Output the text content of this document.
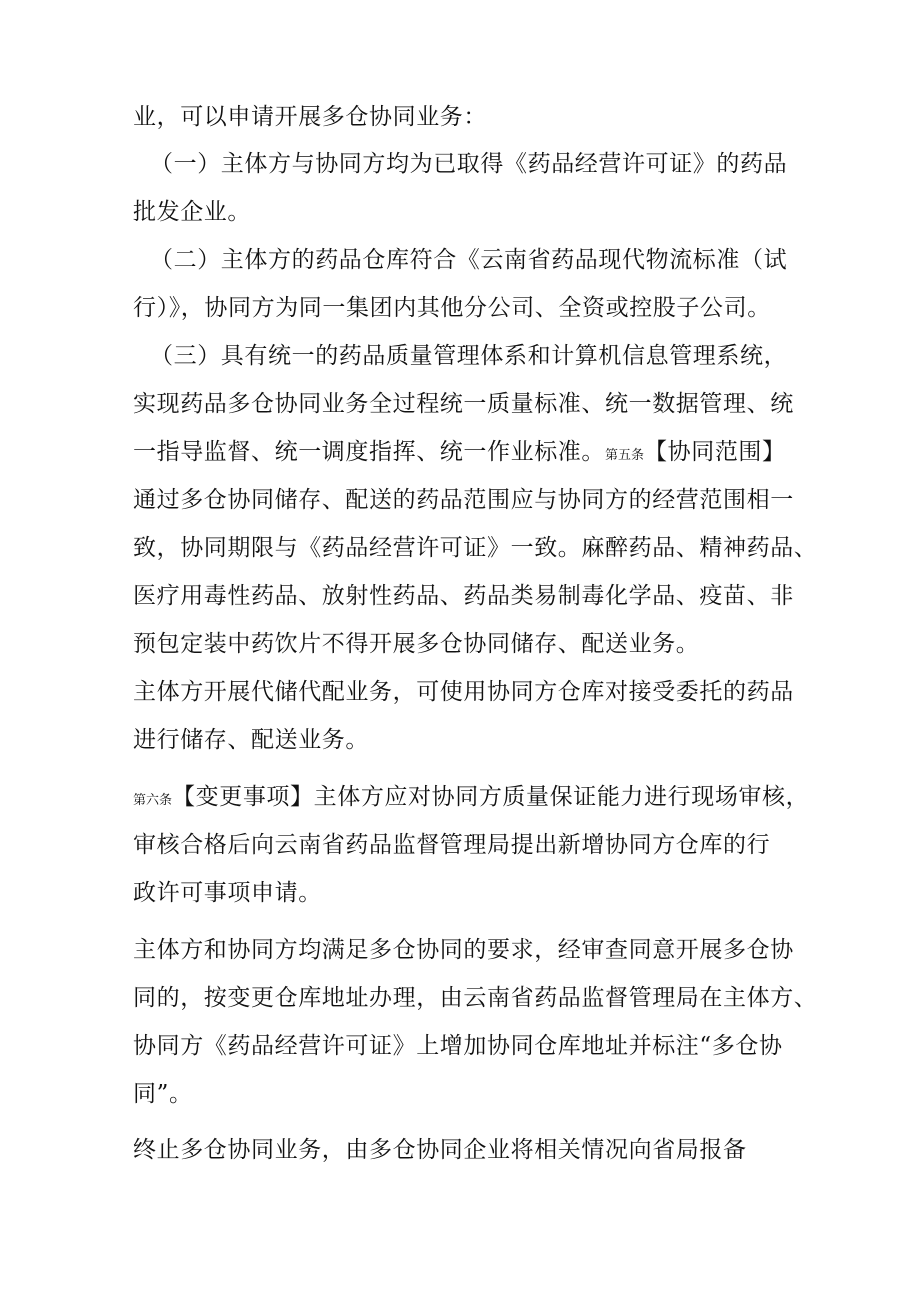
业，可以申请开展多仓协同业务：
（一）主体方与协同方均为已取得《药品经营许可证》的药品
批发企业。
（二）主体方的药品仓库符合《云南省药品现代物流标准（试
行）》，协同方为同一集团内其他分公司、全资或控股子公司。
（三）具有统一的药品质量管理体系和计算机信息管理系统，
实现药品多仓协同业务全过程统一质量标准、统一数据管理、统
一指导监督、统一调度指挥、统一作业标准。第五条【协同范围】
通过多仓协同储存、配送的药品范围应与协同方的经营范围相一
致，协同期限与《药品经营许可证》一致。麻醉药品、精神药品、
医疗用毒性药品、放射性药品、药品类易制毒化学品、疫苗、非
预包定装中药饮片不得开展多仓协同储存、配送业务。
主体方开展代储代配业务，可使用协同方仓库对接受委托的药品
进行储存、配送业务。
第六条【变更事项】主体方应对协同方质量保证能力进行现场审核，
审核合格后向云南省药品监督管理局提出新增协同方仓库的行
政许可事项申请。
主体方和协同方均满足多仓协同的要求，经审查同意开展多仓协
同的，按变更仓库地址办理，由云南省药品监督管理局在主体方、
协同方《药品经营许可证》上增加协同仓库地址并标注“多仓协
同”。
终止多仓协同业务，由多仓协同企业将相关情况向省局报备
